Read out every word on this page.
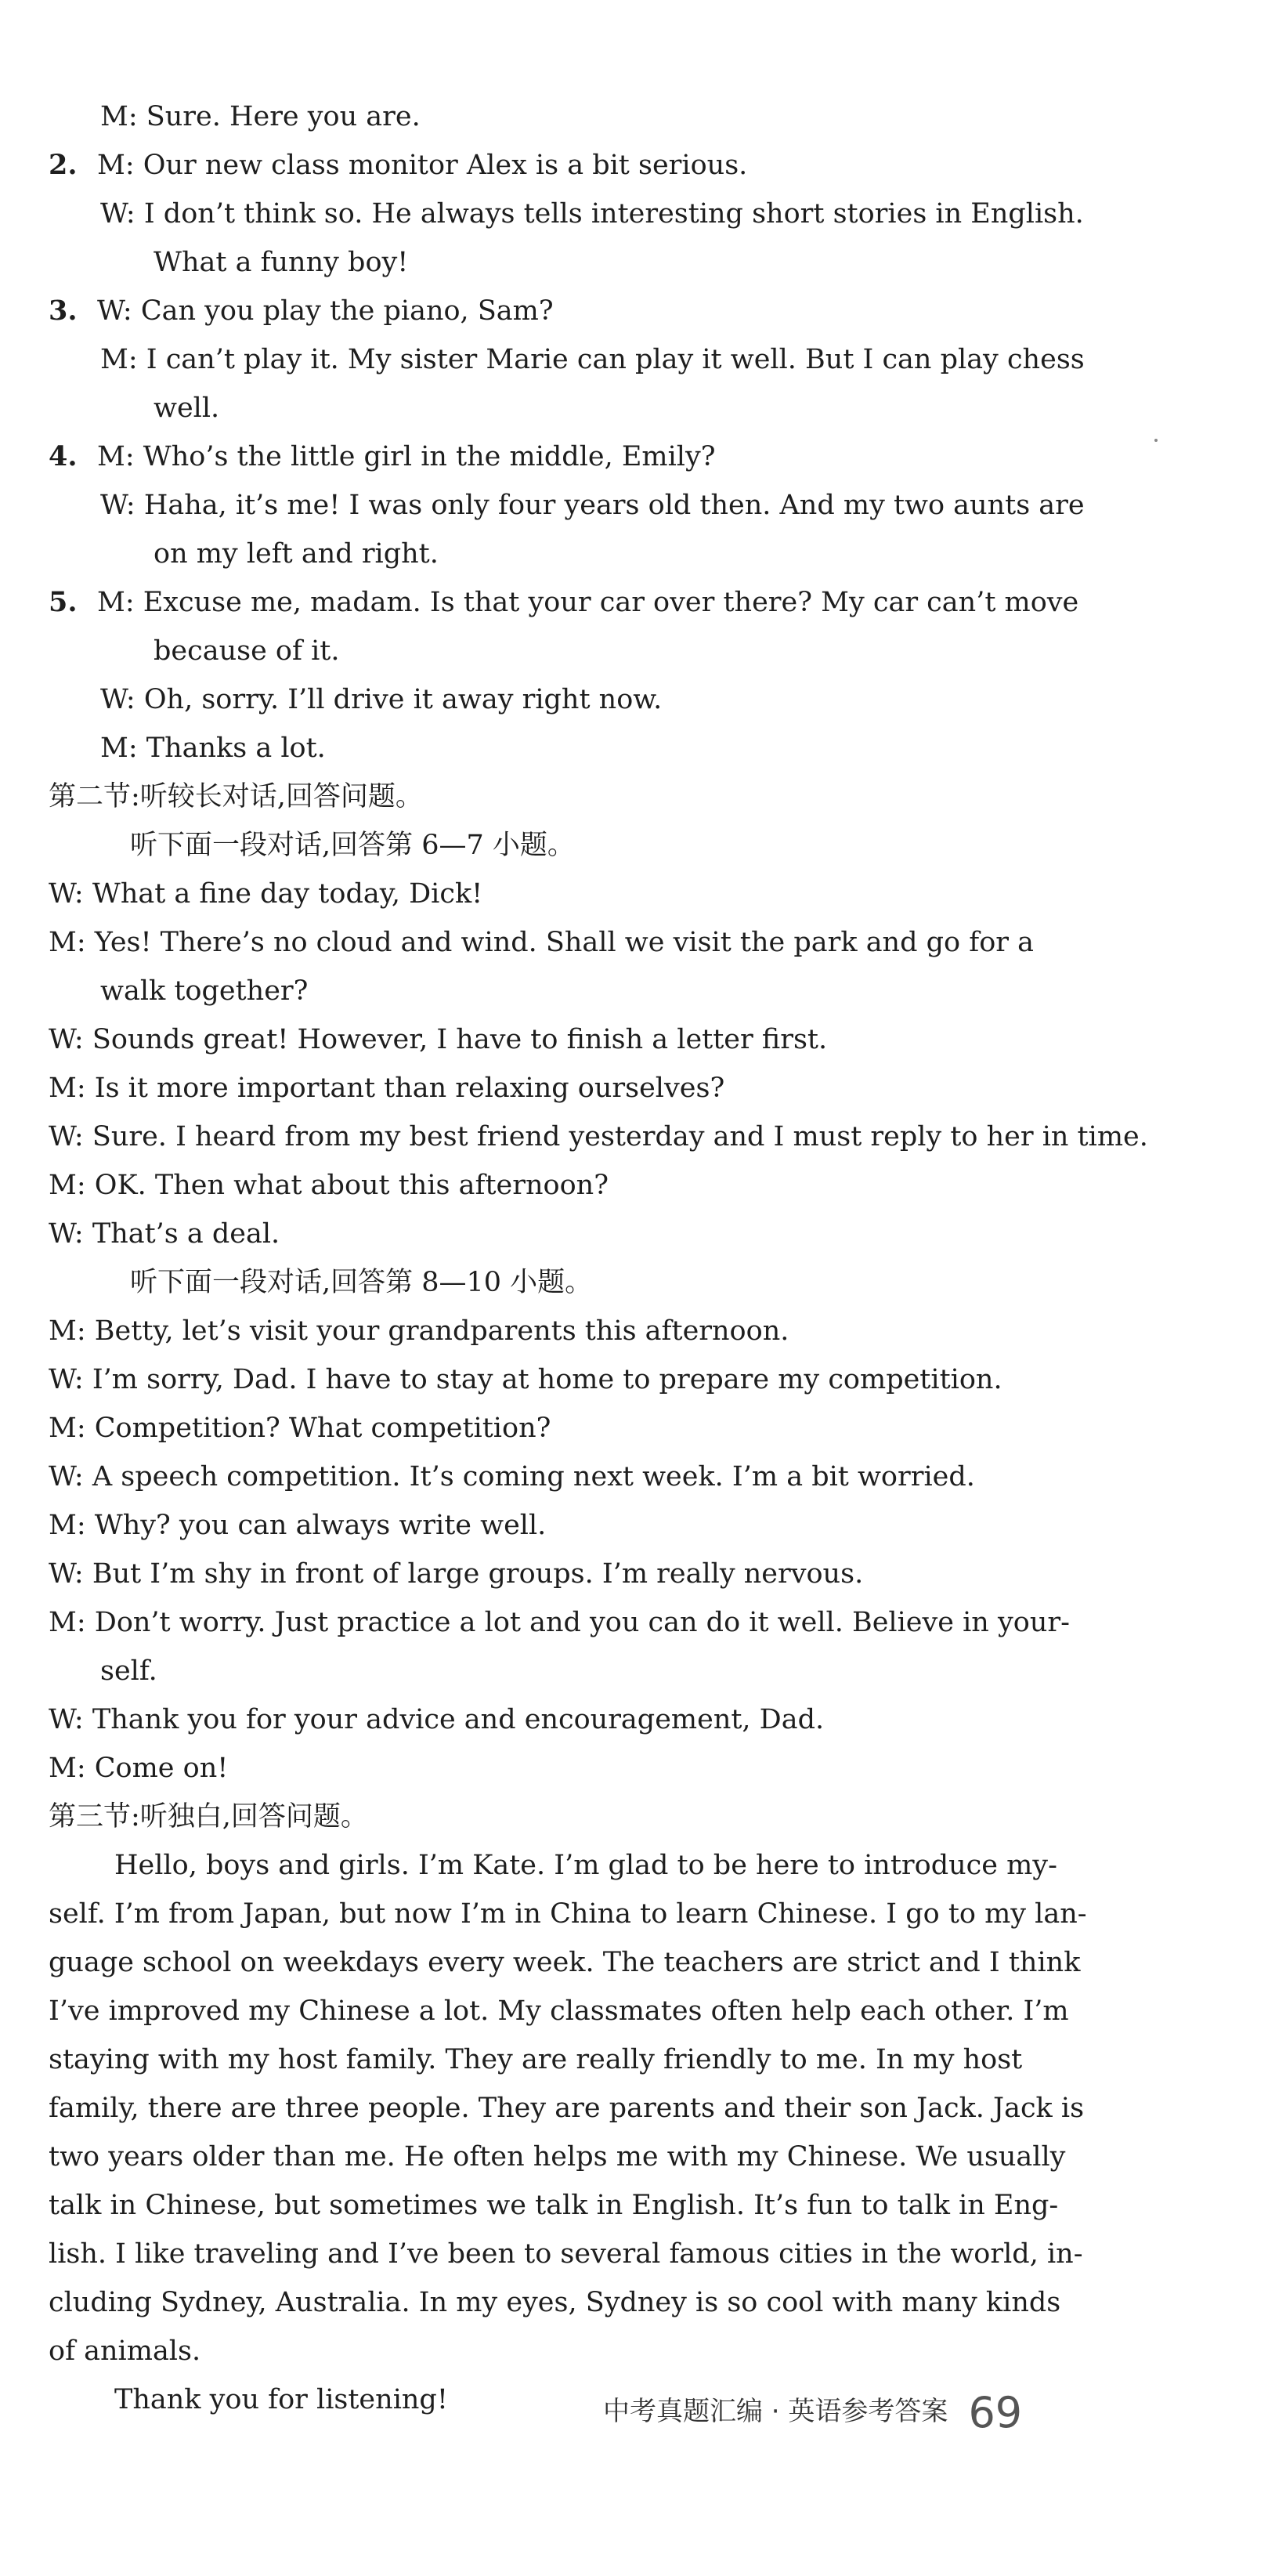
M: Sure. Here you are.
2. M: Our new class monitor Alex is a bit serious.
W: I don’t think so. He always tells interesting short stories in English.
What a funny boy!
3. W: Can you play the piano, Sam?
M: I can’t play it. My sister Marie can play it well. But I can play chess
well.
4. M: Who’s the little girl in the middle, Emily?
W: Haha, it’s me! I was only four years old then. And my two aunts are
on my left and right.
5. M: Excuse me, madam. Is that your car over there? My car can’t move
because of it.
W: Oh, sorry. I’ll drive it away right now.
M: Thanks a lot.
第二节:听较长对话,回答问题。
听下面一段对话,回答第 6—7 小题。
W: What a fine day today, Dick!
M: Yes! There’s no cloud and wind. Shall we visit the park and go for a
walk together?
W: Sounds great! However, I have to finish a letter first.
M: Is it more important than relaxing ourselves?
W: Sure. I heard from my best friend yesterday and I must reply to her in time.
M: OK. Then what about this afternoon?
W: That’s a deal.
听下面一段对话,回答第 8—10 小题。
M: Betty, let’s visit your grandparents this afternoon.
W: I’m sorry, Dad. I have to stay at home to prepare my competition.
M: Competition? What competition?
W: A speech competition. It’s coming next week. I’m a bit worried.
M: Why? you can always write well.
W: But I’m shy in front of large groups. I’m really nervous.
M: Don’t worry. Just practice a lot and you can do it well. Believe in your-
self.
W: Thank you for your advice and encouragement, Dad.
M: Come on!
第三节:听独白,回答问题。
Hello, boys and girls. I’m Kate. I’m glad to be here to introduce my-
self. I’m from Japan, but now I’m in China to learn Chinese. I go to my lan-
guage school on weekdays every week. The teachers are strict and I think
I’ve improved my Chinese a lot. My classmates often help each other. I’m
staying with my host family. They are really friendly to me. In my host
family, there are three people. They are parents and their son Jack. Jack is
two years older than me. He often helps me with my Chinese. We usually
talk in Chinese, but sometimes we talk in English. It’s fun to talk in Eng-
lish. I like traveling and I’ve been to several famous cities in the world, in-
cluding Sydney, Australia. In my eyes, Sydney is so cool with many kinds
of animals.
Thank you for listening!	中考真题汇编 · 英语参考答案 69
